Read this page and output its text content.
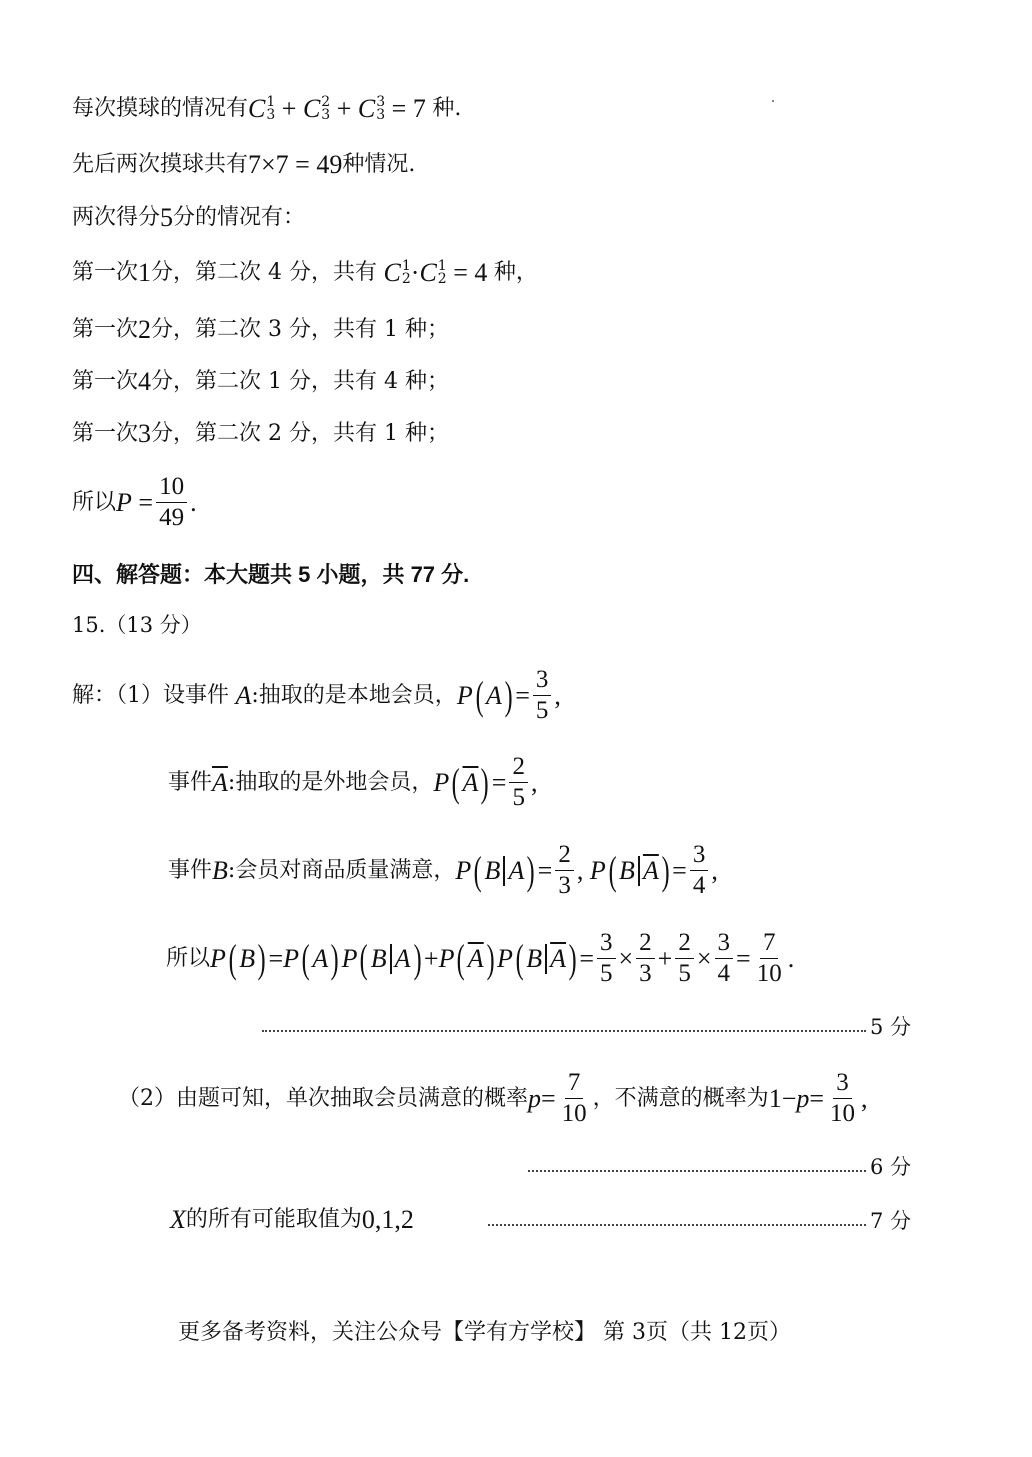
每次摸球的情况有 C 1
3 + C 2
3 + C 3
3 = 7 种.
先后两次摸球共有 7×7 = 49 种情况.
两次得分 5 分的情况有：
第一次 1 分，第二次 4 分，共有 C 1
2 · C 1
2 = 4 种，
第一次 2 分，第二次 3 分，共有 1 种；
第一次 4 分，第二次 1 分，共有 4 种；
第一次 3 分，第二次 2 分，共有 1 种；
所以 $P = \frac{10}{49}$ .
四、解答题：本大题共 5 小题，共 77 分.
15.（13 分）
解：（1）设事件 A :抽取的是本地会员， P ( A ) = $\frac{3}{5}$ ,
事件 $\overline{A}$ :抽取的是外地会员， P ( $\overline{A}$ ) = $\frac{2}{5}$ ,
事件 B :会员对商品质量满意， P ( B A ) = $\frac{2}{3}$ , P ( B $\overline{A}$ ) = $\frac{3}{4}$ ,
所以 P ( B ) = P ( A ) P ( B A ) + P ( $\overline{A}$ ) P ( B $\overline{A}$ ) = $\frac{3}{5} \times \frac{2}{3} + \frac{2}{5} \times \frac{3}{4} = \frac{7}{10}$ .
5 分
（2）由题可知，单次抽取会员满意的概率 $p = \frac{7}{10}$ ，不满意的概率为 $1- p = \frac{3}{10}$ ,
6 分
X 的所有可能取值为 0,1,2	7 分
更多备考资料，关注公众号【学有方学校】 第 3页（共 12页）
